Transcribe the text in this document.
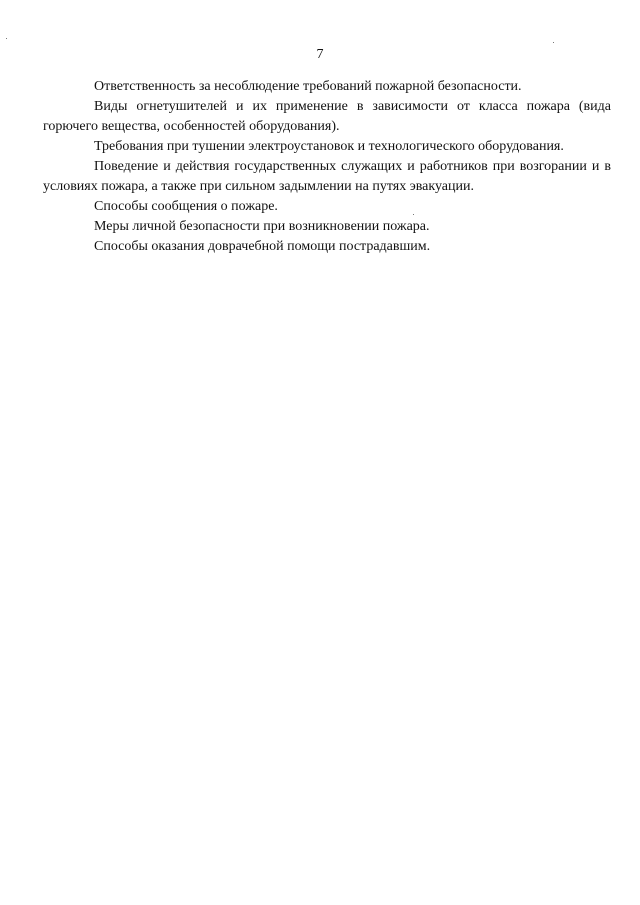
7

Ответственность за несоблюдение требований пожарной безопасности.

Виды огнетушителей и их применение в зависимости от класса пожара (вида горючего вещества, особенностей оборудования).

Требования при тушении электроустановок и технологического оборудования.

Поведение и действия государственных служащих и работников при возгорании и в условиях пожара, а также при сильном задымлении на путях эвакуации.

Способы сообщения о пожаре.

Меры личной безопасности при возникновении пожара.

Способы оказания доврачебной помощи пострадавшим.
